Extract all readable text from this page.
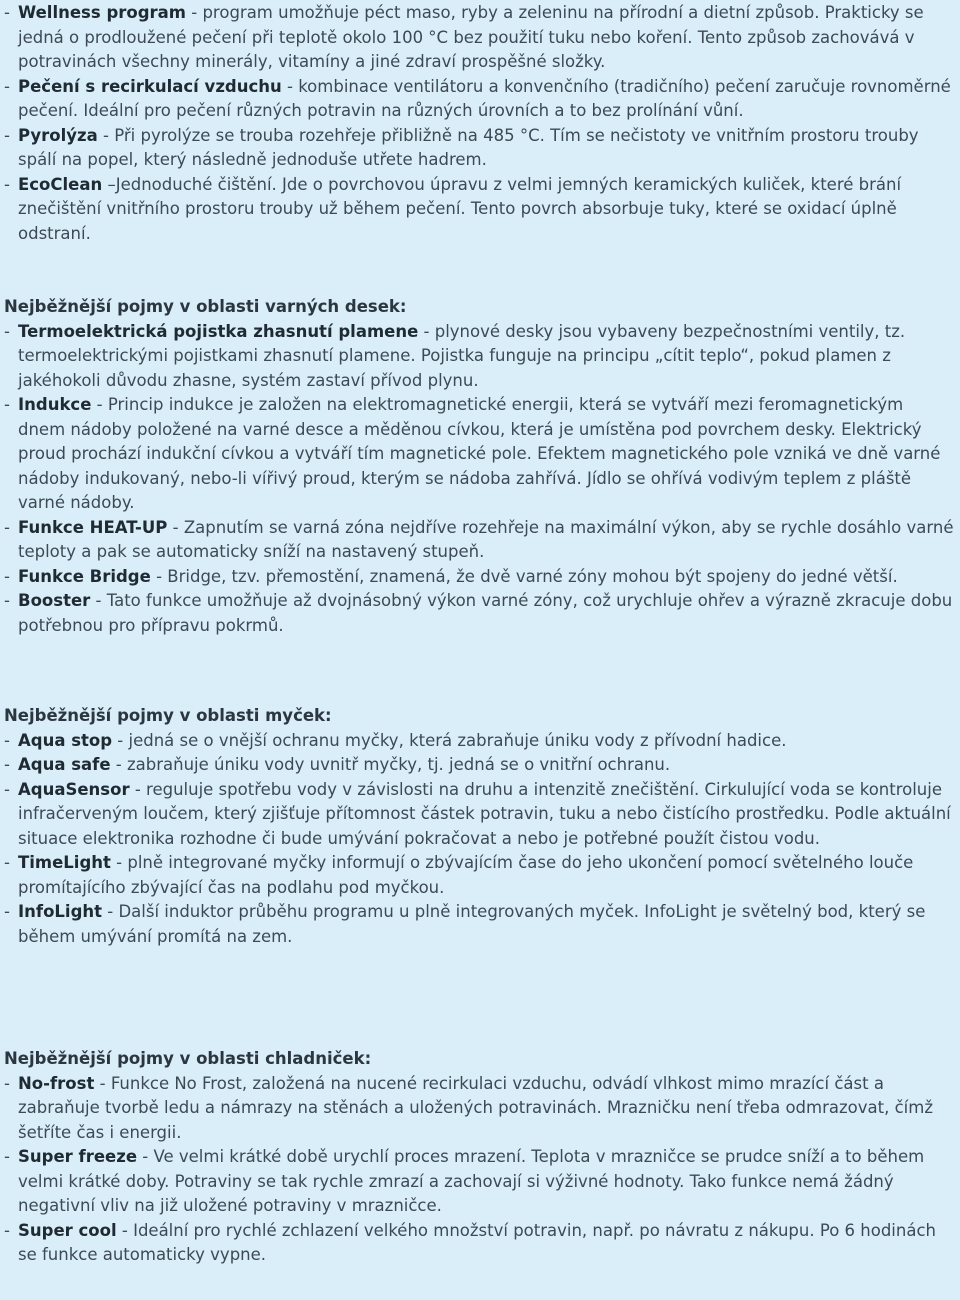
- Wellness program - program umožňuje péct maso, ryby a zeleninu na přírodní a dietní způsob. Prakticky se jedná o prodloužené pečení při teplotě okolo 100 °C bez použití tuku nebo koření. Tento způsob zachovává v potravinách všechny minerály, vitamíny a jiné zdraví prospěšné složky.

- Pečení s recirkulací vzduchu - kombinace ventilátoru a konvenčního (tradičního) pečení zaručuje rovnoměrné pečení. Ideální pro pečení různých potravin na různých úrovních a to bez prolínání vůní.

- Pyrolýza - Při pyrolýze se trouba rozehřeje přibližně na 485 °C. Tím se nečistoty ve vnitřním prostoru trouby spálí na popel, který následně jednoduše utřete hadrem.

- EcoClean –Jednoduché čištění. Jde o povrchovou úpravu z velmi jemných keramických kuliček, které brání znečištění vnitřního prostoru trouby už během pečení. Tento povrch absorbuje tuky, které se oxidací úplně odstraní.

Nejběžnější pojmy v oblasti varných desek:

- Termoelektrická pojistka zhasnutí plamene - plynové desky jsou vybaveny bezpečnostními ventily, tz. termoelektrickými pojistkami zhasnutí plamene. Pojistka funguje na principu „cítit teplo“, pokud plamen z jakéhokoli důvodu zhasne, systém zastaví přívod plynu.

- Indukce - Princip indukce je založen na elektromagnetické energii, která se vytváří mezi feromagnetickým dnem nádoby položené na varné desce a měděnou cívkou, která je umístěna pod povrchem desky. Elektrický proud prochází indukční cívkou a vytváří tím magnetické pole. Efektem magnetického pole vzniká ve dně varné nádoby indukovaný, nebo-li vířivý proud, kterým se nádoba zahřívá. Jídlo se ohřívá vodivým teplem z pláště varné nádoby.

- Funkce HEAT-UP - Zapnutím se varná zóna nejdříve rozehřeje na maximální výkon, aby se rychle dosáhlo varné teploty a pak se automaticky sníží na nastavený stupeň.

- Funkce Bridge - Bridge, tzv. přemostění, znamená, že dvě varné zóny mohou být spojeny do jedné větší.

- Booster - Tato funkce umožňuje až dvojnásobný výkon varné zóny, což urychluje ohřev a výrazně zkracuje dobu potřebnou pro přípravu pokrmů.

Nejběžnější pojmy v oblasti myček:

- Aqua stop - jedná se o vnější ochranu myčky, která zabraňuje úniku vody z přívodní hadice.

- Aqua safe - zabraňuje úniku vody uvnitř myčky, tj. jedná se o vnitřní ochranu.

- AquaSensor - reguluje spotřebu vody v závislosti na druhu a intenzitě znečištění. Cirkulující voda se kontroluje infračerveným loučem, který zjišťuje přítomnost částek potravin, tuku a nebo čistícího prostředku. Podle aktuální situace elektronika rozhodne či bude umývání pokračovat a nebo je potřebné použít čistou vodu.

- TimeLight - plně integrované myčky informují o zbývajícím čase do jeho ukončení pomocí světelného louče promítajícího zbývající čas na podlahu pod myčkou.

- InfoLight - Další induktor průběhu programu u plně integrovaných myček. InfoLight je světelný bod, který se během umývání promítá na zem.

Nejběžnější pojmy v oblasti chladniček:

- No-frost - Funkce No Frost, založená na nucené recirkulaci vzduchu, odvádí vlhkost mimo mrazící část a zabraňuje tvorbě ledu a námrazy na stěnách a uložených potravinách. Mrazničku není třeba odmrazovat, čímž šetříte čas i energii.

- Super freeze - Ve velmi krátké době urychlí proces mrazení. Teplota v mrazničce se prudce sníží a to během velmi krátké doby. Potraviny se tak rychle zmrazí a zachovají si výživné hodnoty. Tako funkce nemá žádný negativní vliv na již uložené potraviny v mrazničce.

- Super cool - Ideální pro rychlé zchlazení velkého množství potravin, např. po návratu z nákupu. Po 6 hodinách se funkce automaticky vypne.
